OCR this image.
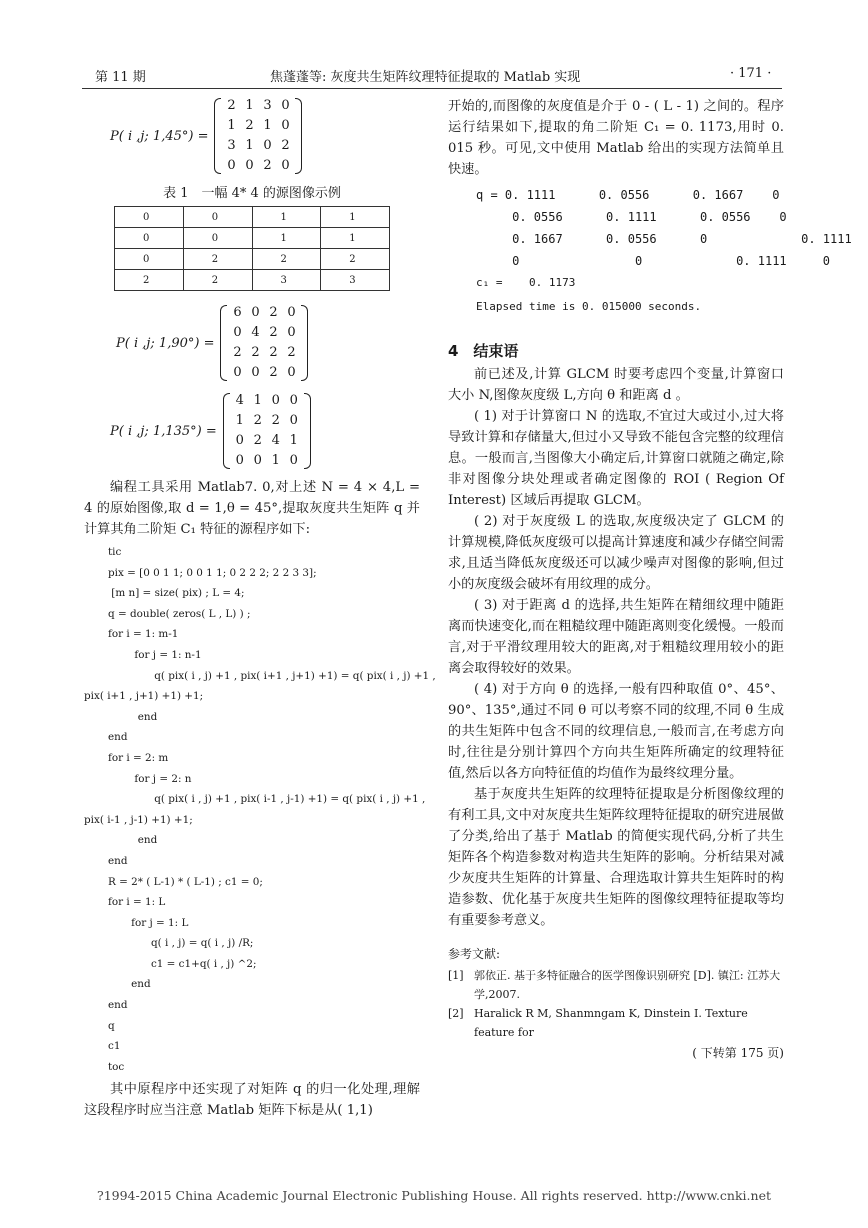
第 11 期	焦蓬蓬等: 灰度共生矩阵纹理特征提取的 Matlab 实现	· 171 ·
P( i ,j; 1,45°) =
2 1 3 0
1 2 1 0
3 1 0 2
0 0 2 0
表 1　一幅 4* 4 的源图像示例
0	0	1	1
0	0	1	1
0	2	2	2
2	2	3	3
P( i ,j; 1,90°) =
6 0 2 0
0 4 2 0
2 2 2 2
0 0 2 0
P( i ,j; 1,135°) =
4 1 0 0
1 2 2 0
0 2 4 1
0 0 1 0

编程工具采用 Matlab7. 0,对上述 N = 4 × 4,L = 4 的原始图像,取 d = 1,θ = 45°,提取灰度共生矩阵 q 并计算其角二阶矩 C₁ 特征的源程序如下:

tic
pix = [0 0 1 1; 0 0 1 1; 0 2 2 2; 2 2 3 3];
[m n] = size( pix) ; L = 4;
q = double( zeros( L , L) ) ;
for i = 1: m-1
for j = 1: n-1
q( pix( i , j) +1 , pix( i+1 , j+1) +1) = q( pix( i , j) +1 ,
pix( i+1 , j+1) +1) +1;
end
end
for i = 2: m
for j = 2: n
q( pix( i , j) +1 , pix( i-1 , j-1) +1) = q( pix( i , j) +1 ,
pix( i-1 , j-1) +1) +1;
end
end
R = 2* ( L-1) * ( L-1) ; c1 = 0;
for i = 1: L
for j = 1: L
q( i , j) = q( i , j) /R;
c1 = c1+q( i , j) ^2;
end
end
q
c1
toc

其中原程序中还实现了对矩阵 q 的归一化处理,理解这段程序时应当注意 Matlab 矩阵下标是从( 1,1)

开始的,而图像的灰度值是介于 0 - ( L - 1) 之间的。程序运行结果如下,提取的角二阶矩 C₁ = 0. 1173,用时 0. 015 秒。可见,文中使用 Matlab 给出的实现方法简单且快速。

q = 0. 1111      0. 0556      0. 1667    0
0. 0556      0. 1111      0. 0556    0
0. 1667      0. 0556      0             0. 1111
0                0             0. 1111     0
c₁ =    0. 1173
Elapsed time is 0. 015000 seconds.

4　结束语

前已述及,计算 GLCM 时要考虑四个变量,计算窗口大小 N,图像灰度级 L,方向 θ 和距离 d 。

( 1) 对于计算窗口 N 的选取,不宜过大或过小,过大将导致计算和存储量大,但过小又导致不能包含完整的纹理信息。一般而言,当图像大小确定后,计算窗口就随之确定,除非对图像分块处理或者确定图像的 ROI ( Region Of Interest) 区域后再提取 GLCM。

( 2) 对于灰度级 L 的选取,灰度级决定了 GLCM 的计算规模,降低灰度级可以提高计算速度和减少存储空间需求,且适当降低灰度级还可以减少噪声对图像的影响,但过小的灰度级会破坏有用纹理的成分。

( 3) 对于距离 d 的选择,共生矩阵在精细纹理中随距离而快速变化,而在粗糙纹理中随距离则变化缓慢。一般而言,对于平滑纹理用较大的距离,对于粗糙纹理用较小的距离会取得较好的效果。

( 4) 对于方向 θ 的选择,一般有四种取值 0°、45°、90°、135°,通过不同 θ 可以考察不同的纹理,不同 θ 生成的共生矩阵中包含不同的纹理信息,一般而言,在考虑方向时,往往是分别计算四个方向共生矩阵所确定的纹理特征值,然后以各方向特征值的均值作为最终纹理分量。

基于灰度共生矩阵的纹理特征提取是分析图像纹理的有利工具,文中对灰度共生矩阵纹理特征提取的研究进展做了分类,给出了基于 Matlab 的简便实现代码,分析了共生矩阵各个构造参数对构造共生矩阵的影响。分析结果对减少灰度共生矩阵的计算量、合理选取计算共生矩阵时的构造参数、优化基于灰度共生矩阵的图像纹理特征提取等均有重要参考意义。

参考文献:

[1] 郭依正. 基于多特征融合的医学图像识别研究 [D]. 镇江: 江苏大学,2007.
[2] Haralick R M, Shanmngam K, Dinstein I. Texture feature for
( 下转第 175 页)
?1994-2015 China Academic Journal Electronic Publishing House. All rights reserved. http://www.cnki.net
